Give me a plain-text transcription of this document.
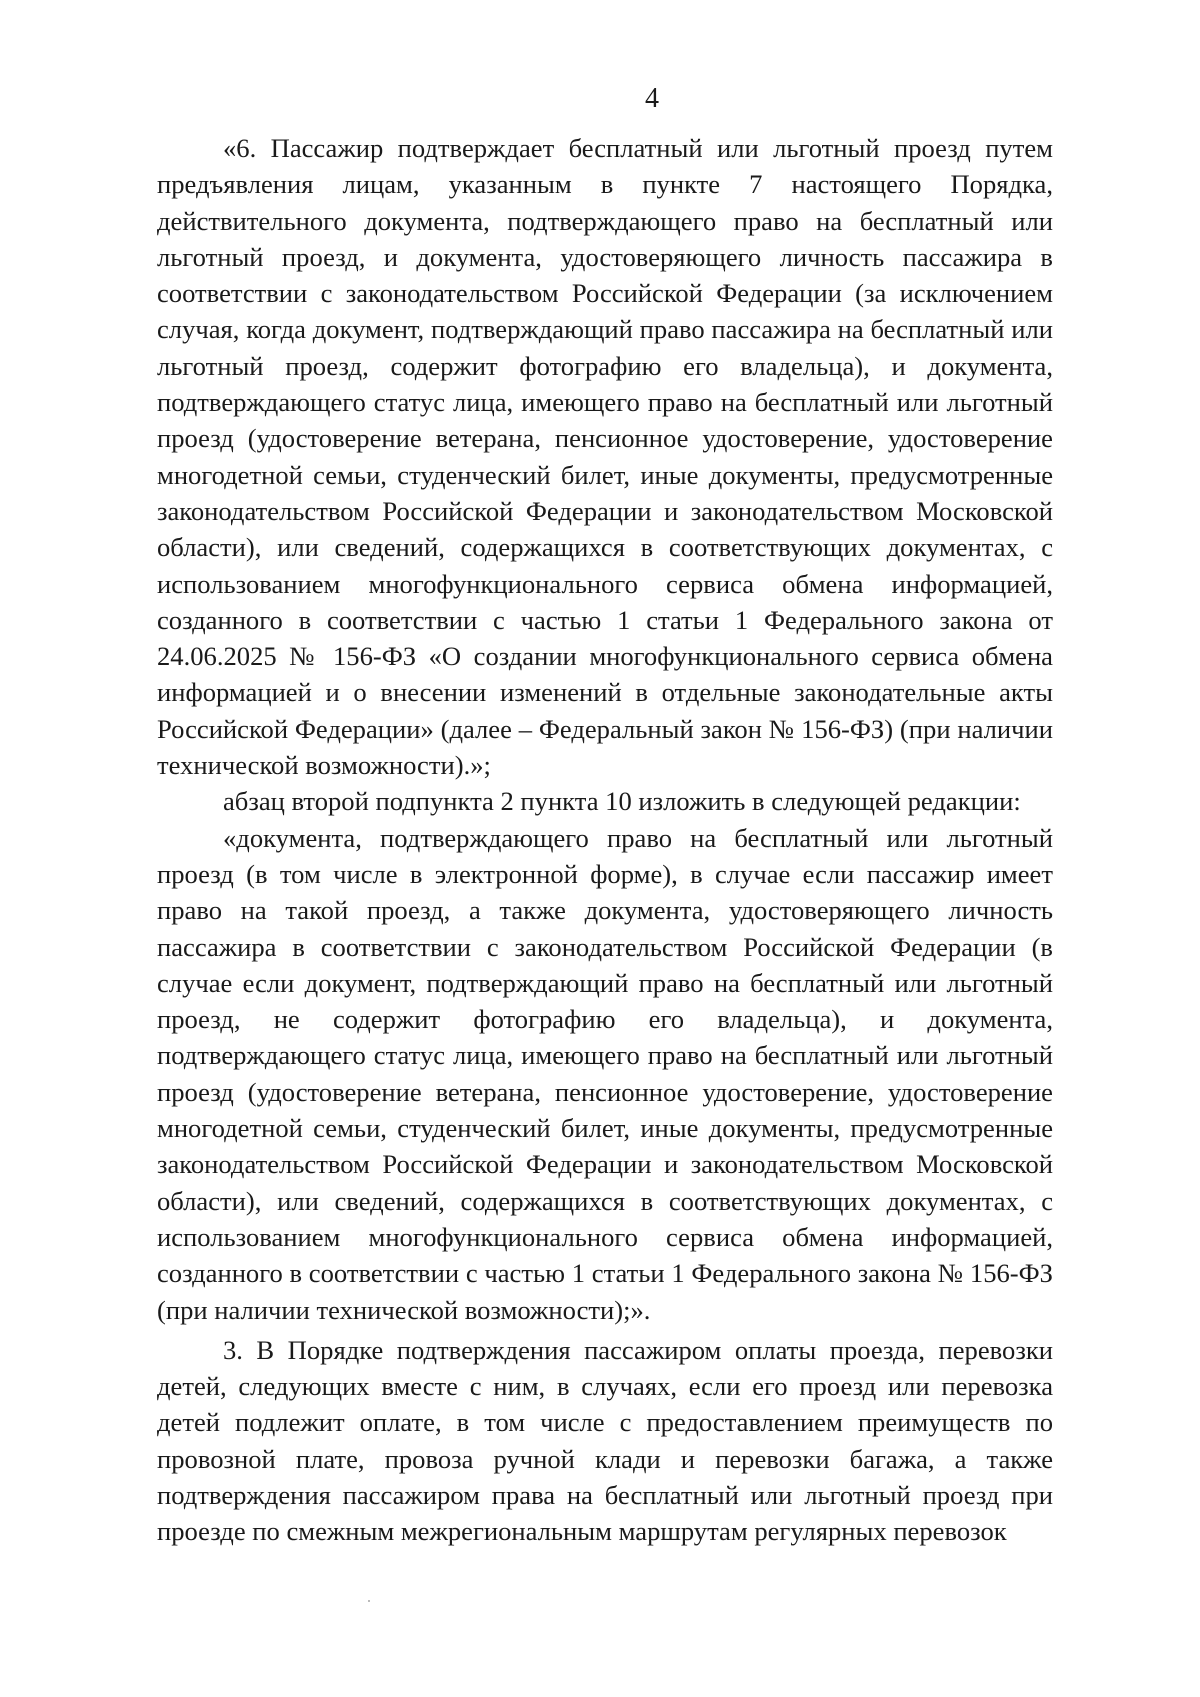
4

«6. Пассажир подтверждает бесплатный или льготный проезд путем предъявления лицам, указанным в пункте 7 настоящего Порядка, действительного документа, подтверждающего право на бесплатный или льготный проезд, и документа, удостоверяющего личность пассажира в соответствии с законодательством Российской Федерации (за исключением случая, когда документ, подтверждающий право пассажира на бесплатный или льготный проезд, содержит фотографию его владельца), и документа, подтверждающего статус лица, имеющего право на бесплатный или льготный проезд (удостоверение ветерана, пенсионное удостоверение, удостоверение многодетной семьи, студенческий билет, иные документы, предусмотренные законодательством Российской Федерации и законодательством Московской области), или сведений, содержащихся в соответствующих документах, с использованием многофункционального сервиса обмена информацией, созданного в соответствии с частью 1 статьи 1 Федерального закона от 24.06.2025 № 156-ФЗ «О создании многофункционального сервиса обмена информацией и о внесении изменений в отдельные законодательные акты Российской Федерации» (далее – Федеральный закон № 156-ФЗ) (при наличии технической возможности).»;

абзац второй подпункта 2 пункта 10 изложить в следующей редакции:

«документа, подтверждающего право на бесплатный или льготный проезд (в том числе в электронной форме), в случае если пассажир имеет право на такой проезд, а также документа, удостоверяющего личность пассажира в соответствии с законодательством Российской Федерации (в случае если документ, подтверждающий право на бесплатный или льготный проезд, не содержит фотографию его владельца), и документа, подтверждающего статус лица, имеющего право на бесплатный или льготный проезд (удостоверение ветерана, пенсионное удостоверение, удостоверение многодетной семьи, студенческий билет, иные документы, предусмотренные законодательством Российской Федерации и законодательством Московской области), или сведений, содержащихся в соответствующих документах, с использованием многофункционального сервиса обмена информацией, созданного в соответствии с частью 1 статьи 1 Федерального закона № 156-ФЗ (при наличии технической возможности);».

3. В Порядке подтверждения пассажиром оплаты проезда, перевозки детей, следующих вместе с ним, в случаях, если его проезд или перевозка детей подлежит оплате, в том числе с предоставлением преимуществ по провозной плате, провоза ручной клади и перевозки багажа, а также подтверждения пассажиром права на бесплатный или льготный проезд при проезде по смежным межрегиональным маршрутам регулярных перевозок
